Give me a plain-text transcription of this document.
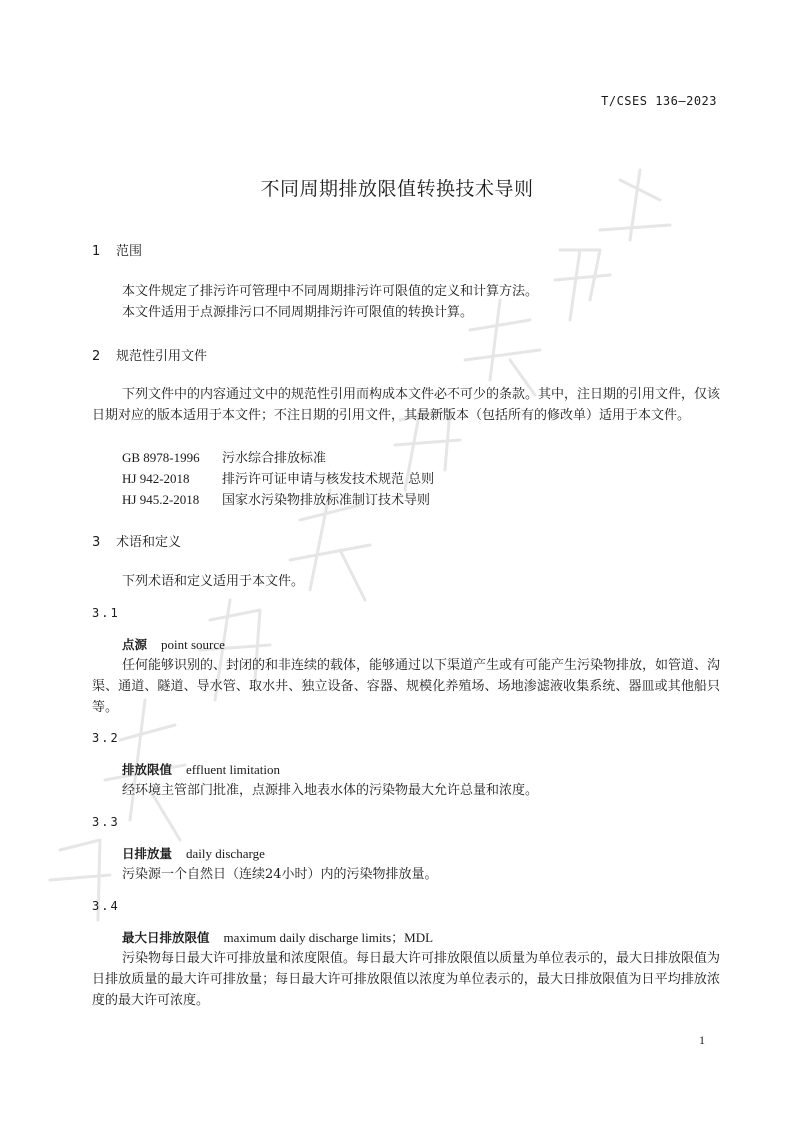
T/CSES 136—2023
不同周期排放限值转换技术导则
1 范围
本文件规定了排污许可管理中不同周期排污许可限值的定义和计算方法。
本文件适用于点源排污口不同周期排污许可限值的转换计算。
2 规范性引用文件
下列文件中的内容通过文中的规范性引用而构成本文件必不可少的条款。其中，注日期的引用文件，仅该日期对应的版本适用于本文件；不注日期的引用文件，其最新版本（包括所有的修改单）适用于本文件。
GB 8978-1996 污水综合排放标准
HJ 942-2018 排污许可证申请与核发技术规范 总则
HJ 945.2-2018 国家水污染物排放标准制订技术导则
3 术语和定义
下列术语和定义适用于本文件。
3.1
点源 point source
任何能够识别的、封闭的和非连续的载体，能够通过以下渠道产生或有可能产生污染物排放，如管道、沟渠、通道、隧道、导水管、取水井、独立设备、容器、规模化养殖场、场地渗滤液收集系统、器皿或其他船只等。
3.2
排放限值 effluent limitation
经环境主管部门批准，点源排入地表水体的污染物最大允许总量和浓度。
3.3
日排放量 daily discharge
污染源一个自然日（连续24小时）内的污染物排放量。
3.4
最大日排放限值 maximum daily discharge limits；MDL
污染物每日最大许可排放量和浓度限值。每日最大许可排放限值以质量为单位表示的，最大日排放限值为日排放质量的最大许可排放量；每日最大许可排放限值以浓度为单位表示的，最大日排放限值为日平均排放浓度的最大许可浓度。
1
